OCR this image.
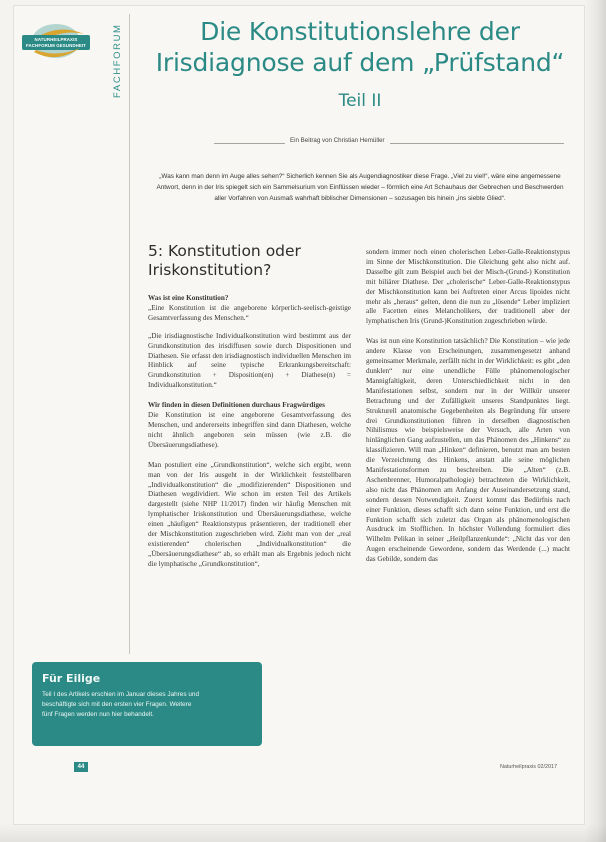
NATURHEILPRAXIS
FACHFORUM GESUNDHEIT	FACHFORUM	Die Konstitutionslehre der Irisdiagnose auf dem „Prüfstand“
Teil II
Ein Beitrag von Christian Hemüller
„Was kann man denn im Auge alles sehen?“ Sicherlich kennen Sie als Augendiagnostiker diese Frage. „Viel zu viel!“, wäre eine angemessene Antwort, denn in der Iris spiegelt sich ein Sammelsurium von Einflüssen wieder – förmlich eine Art Schauhaus der Gebrechen und Beschwerden aller Vorfahren von Ausmaß wahrhaft biblischer Dimensionen – sozusagen bis hinein „ins siebte Glied“.
5: Konstitution oder Iriskonstitution?

Was ist eine Konstitution?

„Eine Konstitution ist die angeborene körperlich-seelisch-geistige Gesamtverfassung des Menschen.“

„Die irisdiagnostische Individualkonstitution wird bestimmt aus der Grundkonstitution des irisdiffusen sowie durch Dispositionen und Diathesen. Sie erfasst den irisdiagnostisch individuellen Menschen im Hinblick auf seine typische Erkrankungsbereitschaft: Grundkonstitution + Disposition(en) + Diathese(n) = Individualkonstitution.“

Wir finden in diesen Definitionen durchaus Fragwürdiges

Die Konstitution ist eine angeborene Gesamtverfassung des Menschen, und andererseits inbegriffen sind dann Diathesen, welche nicht ähnlich angeboren sein müssen (wie z.B. die Übersäuerungsdiathese).

Man postuliert eine „Grundkonstitution“, welche sich ergibt, wenn man von der Iris ausgeht in der Wirklichkeit feststellbaren „Individualkonstitution“ die „modifizierenden“ Dispositionen und Diathesen wegdividiert. Wie schon im ersten Teil des Artikels dargestellt (siehe NHP 11/2017) finden wir häufig Menschen mit lymphatischer Iriskonstitution und Übersäuerungsdiathese, welche einen „häufigen“ Reaktionstypus präsentieren, der traditionell eher der Mischkonstitution zugeschrieben wird. Zieht man von der „real existierenden“ cholerischen „Individualkonstitution“ die „Übersäuerungsdiathese“ ab, so erhält man als Ergebnis jedoch nicht die lymphatische „Grundkonstitution“,

sondern immer noch einen cholerischen Leber-Galle-Reaktionstypus im Sinne der Mischkonstitution. Die Gleichung geht also nicht auf. Dasselbe gilt zum Beispiel auch bei der Misch-(Grund-) Konstitution mit biliärer Diathese. Der „cholerische“ Leber-Galle-Reaktionstypus der Mischkonstitution kann bei Auftreten einer Arcus lipoides nicht mehr als „heraus“ gelten, denn die nun zu „lösende“ Leber impliziert alle Facetten eines Melancholikers, der traditionell aber der lymphatischen Iris (Grund-)Konstitution zugeschrieben würde.

Was ist nun eine Konstitution tatsächlich? Die Konstitution – wie jede andere Klasse von Erscheinungen, zusammengesetzt anhand gemeinsamer Merkmale, zerfällt nicht in der Wirklichkeit: es gibt „den dunklen“ nur eine unendliche Fülle phänomenologischer Mannigfaltigkeit, deren Unterschiedlichkeit nicht in den Manifestationen selbst, sondern nur in der Willkür unserer Betrachtung und der Zufälligkeit unseres Standpunktes liegt. Strukturell anatomische Gegebenheiten als Begründung für unsere drei Grundkonstitutionen führen in derselben diagnostischen Nihilismus wie beispielsweise der Versuch, alle Arten von hinlänglichen Gang aufzustellen, um das Phänomen des „Hinkens“ zu klassifizieren. Will man „Hinken“ definieren, benutzt man am besten die Verzeichnung des Hinkens, anstatt alle seine möglichen Manifestationsformen zu beschreiben. Die „Alten“ (z.B. Aschenbrenner, Humoralpathologie) betrachteten die Wirklichkeit, also nicht das Phänomen am Anfang der Auseinandersetzung stand, sondern dessen Notwendigkeit. Zuerst kommt das Bedürfnis nach einer Funktion, dieses schafft sich dann seine Funktion, und erst die Funktion schafft sich zuletzt das Organ als phänomenologischen Ausdruck im Stofflichen. In höchster Vollendung formuliert dies Wilhelm Pelikan in seiner „Heilpflanzenkunde“: „Nicht das vor den Augen erscheinende Gewordene, sondern das Werdende (...) macht das Gebilde, sondern das

Für Eilige
Teil I des Artikels erschien im Januar dieses Jahres und beschäftigte sich mit den ersten vier Fragen. Weitere fünf Fragen werden nun hier behandelt.
44	Naturheilpraxis 02/2017
